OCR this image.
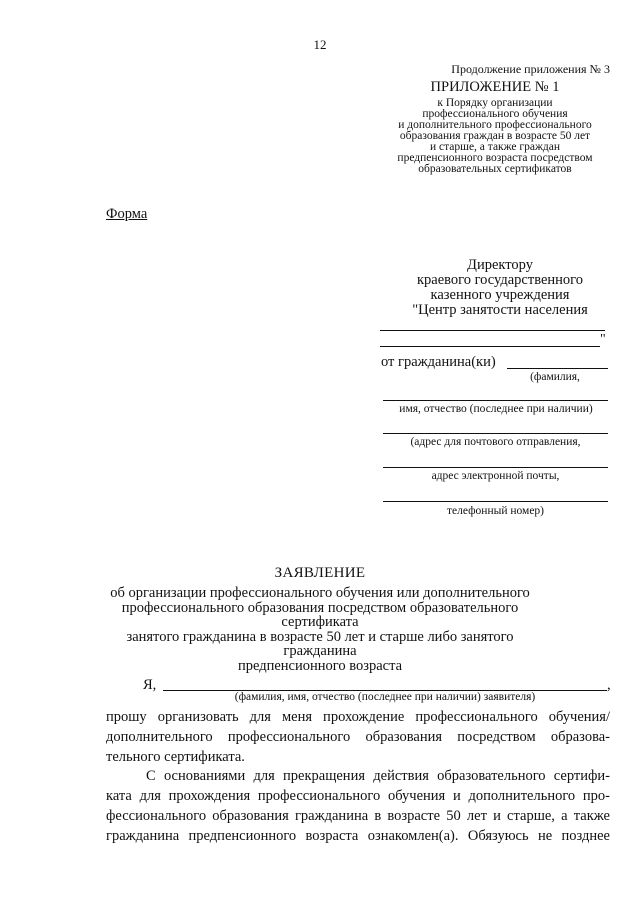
12
Продолжение приложения № 3
ПРИЛОЖЕНИЕ № 1
к Порядку организации
профессионального обучения
и дополнительного профессионального
образования граждан в возрасте 50 лет
и старше, а также граждан
предпенсионного возраста посредством
образовательных сертификатов
Форма
Директору
краевого государственного
казенного учреждения
"Центр занятости населения
"
от гражданина(ки)
(фамилия,
имя, отчество (последнее при наличии)
(адрес для почтового отправления,
адрес электронной почты,
телефонный номер)
ЗАЯВЛЕНИЕ
об организации профессионального обучения или дополнительного
профессионального образования посредством образовательного сертификата
занятого гражданина в возрасте 50 лет и старше либо занятого гражданина
предпенсионного возраста
Я,	,
(фамилия, имя, отчество (последнее при наличии) заявителя)
прошу организовать для меня прохождение профессионального обучения/
дополнительного профессионального образования посредством образова-
тельного сертификата.
С основаниями для прекращения действия образовательного сертифи-
ката для прохождения профессионального обучения и дополнительного про-
фессионального образования гражданина в возрасте 50 лет и старше, а также
гражданина предпенсионного возраста ознакомлен(а). Обязуюсь не позднее
